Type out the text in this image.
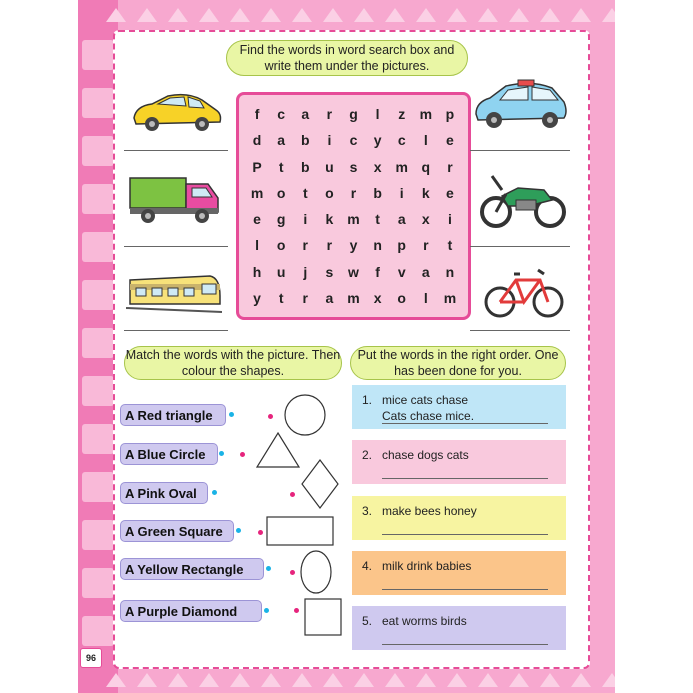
Find the words in word search box and write them under the pictures.
f	c	a	r	g	l	z	m p
d	a	b	i	c	y	c	l	e
P	t	b	u	s	x m q	r
m o	t	o	r	b	i	k	e
e	g	i	k m	t	a	x	i
l	o	r	r	y	n	p	r	t
h	u	j	s	w	f	v	a	n
y	t	r	a m x	o	l	m
Match the words with the picture. Then colour the shapes.
A Red triangle
A Blue Circle
A Pink Oval
A Green Square
A Yellow Rectangle
A Purple Diamond
Put the words in the right order. One has been done for you.
1. mice cats chase
Cats chase mice.
2. chase dogs cats
3. make bees honey
4. milk drink babies
5. eat worms birds
96
